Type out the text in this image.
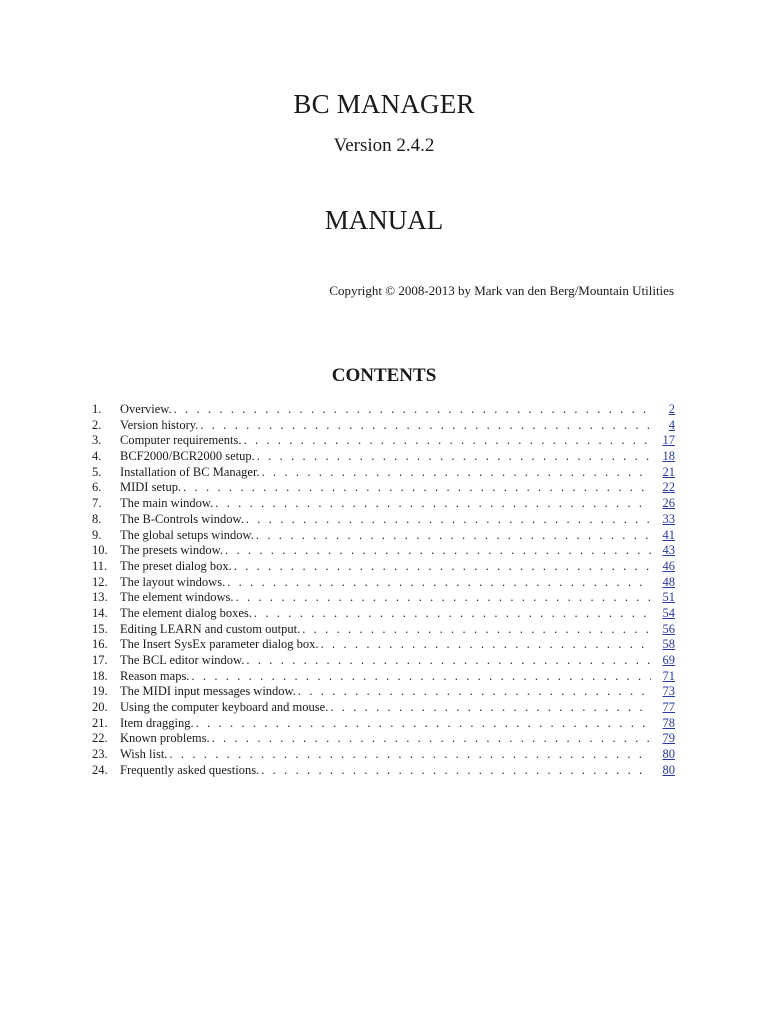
BC MANAGER
Version 2.4.2
MANUAL
Copyright © 2008-2013 by Mark van den Berg/Mountain Utilities
CONTENTS
1.	Overview. . . .	2
2.	Version history. . . .	4
3.	Computer requirements. . . .	17
4.	BCF2000/BCR2000 setup. . . .	18
5.	Installation of BC Manager. . . .	21
6.	MIDI setup. . . .	22
7.	The main window. . . .	26
8.	The B-Controls window. . . .	33
9.	The global setups window. . . .	41
10. The presets window. . . .	43
11.	The preset dialog box. . . .	46
12. The layout windows. . . .	48
13. The element windows. . . .	51
14. The element dialog boxes. . . .	54
15. Editing LEARN and custom output. . . .	56
16. The Insert SysEx parameter dialog box. . . .	58
17. The BCL editor window. . . .	69
18. Reason maps. . . .	71
19. The MIDI input messages window. . . .	73
20. Using the computer keyboard and mouse. . . .	77
21. Item dragging. . . .	78
22. Known problems. . . .	79
23. Wish list. . . .	80
24. Frequently asked questions. . . .	80
